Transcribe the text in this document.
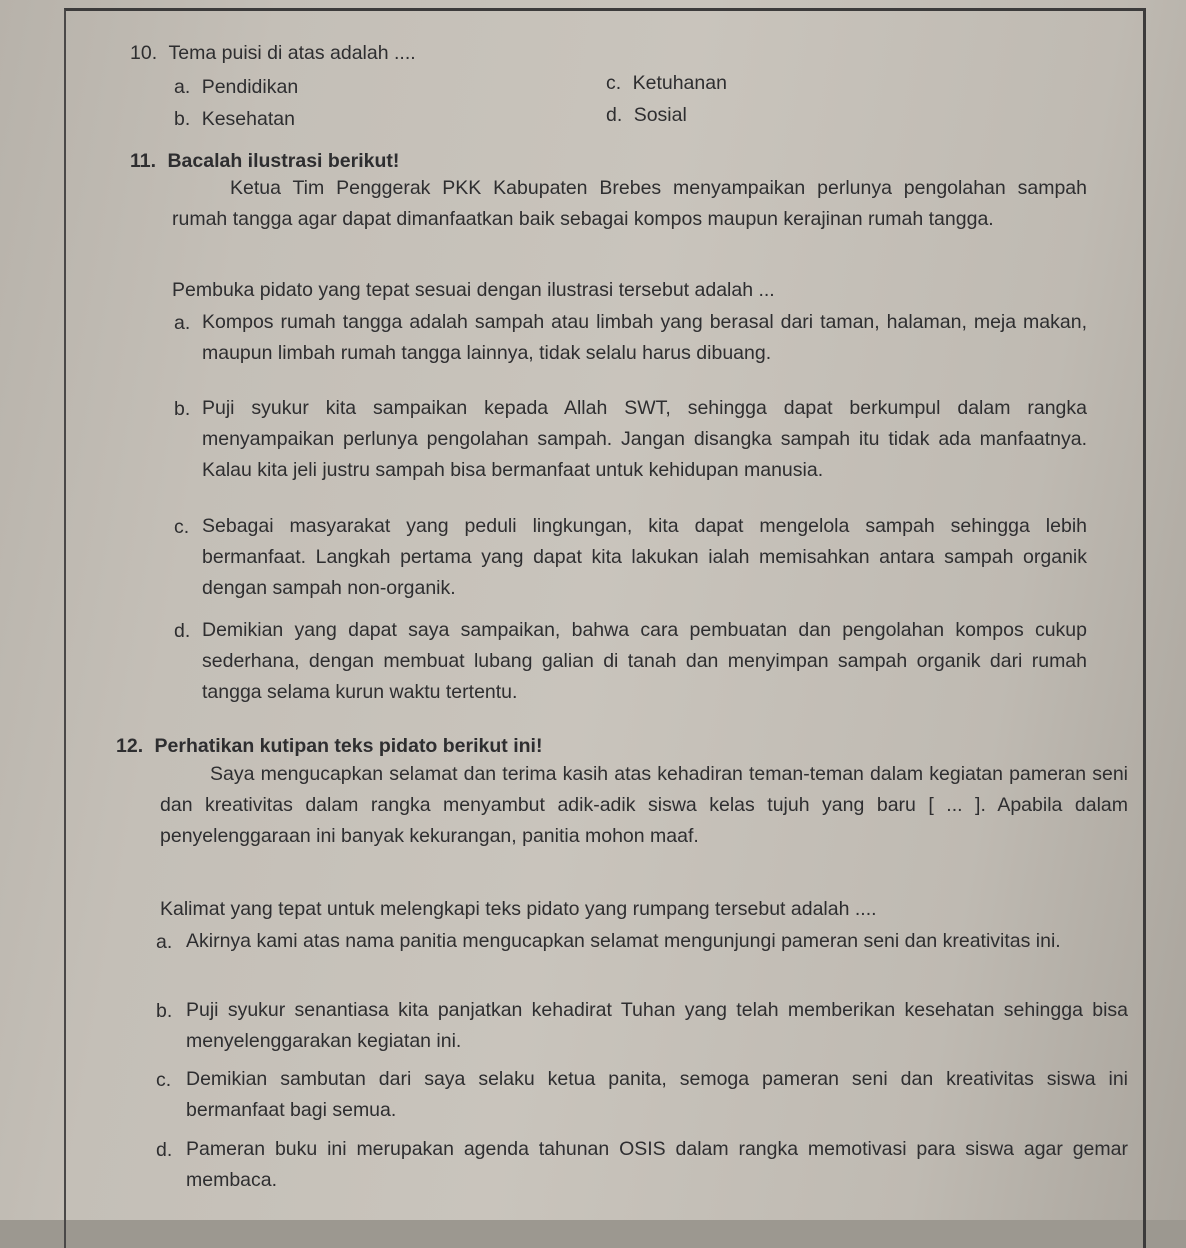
10. Tema puisi di atas adalah ....
a. Pendidikan
b. Kesehatan
c. Ketuhanan
d. Sosial
11. Bacalah ilustrasi berikut!
Ketua Tim Penggerak PKK Kabupaten Brebes menyampaikan perlunya pengolahan sampah rumah tangga agar dapat dimanfaatkan baik sebagai kompos maupun kerajinan rumah tangga.
Pembuka pidato yang tepat sesuai dengan ilustrasi tersebut adalah ...
a. Kompos rumah tangga adalah sampah atau limbah yang berasal dari taman, halaman, meja makan, maupun limbah rumah tangga lainnya, tidak selalu harus dibuang.
b. Puji syukur kita sampaikan kepada Allah SWT, sehingga dapat berkumpul dalam rangka menyampaikan perlunya pengolahan sampah. Jangan disangka sampah itu tidak ada manfaatnya. Kalau kita jeli justru sampah bisa bermanfaat untuk kehidupan manusia.
c. Sebagai masyarakat yang peduli lingkungan, kita dapat mengelola sampah sehingga lebih bermanfaat. Langkah pertama yang dapat kita lakukan ialah memisahkan antara sampah organik dengan sampah non-organik.
d. Demikian yang dapat saya sampaikan, bahwa cara pembuatan dan pengolahan kompos cukup sederhana, dengan membuat lubang galian di tanah dan menyimpan sampah organik dari rumah tangga selama kurun waktu tertentu.
12. Perhatikan kutipan teks pidato berikut ini!
Saya mengucapkan selamat dan terima kasih atas kehadiran teman-teman dalam kegiatan pameran seni dan kreativitas dalam rangka menyambut adik-adik siswa kelas tujuh yang baru [ ... ]. Apabila dalam penyelenggaraan ini banyak kekurangan, panitia mohon maaf.
Kalimat yang tepat untuk melengkapi teks pidato yang rumpang tersebut adalah ....
a. Akirnya kami atas nama panitia mengucapkan selamat mengunjungi pameran seni dan kreativitas ini.
b. Puji syukur senantiasa kita panjatkan kehadirat Tuhan yang telah memberikan kesehatan sehingga bisa menyelenggarakan kegiatan ini.
c. Demikian sambutan dari saya selaku ketua panita, semoga pameran seni dan kreativitas siswa ini bermanfaat bagi semua.
d. Pameran buku ini merupakan agenda tahunan OSIS dalam rangka memotivasi para siswa agar gemar membaca.
